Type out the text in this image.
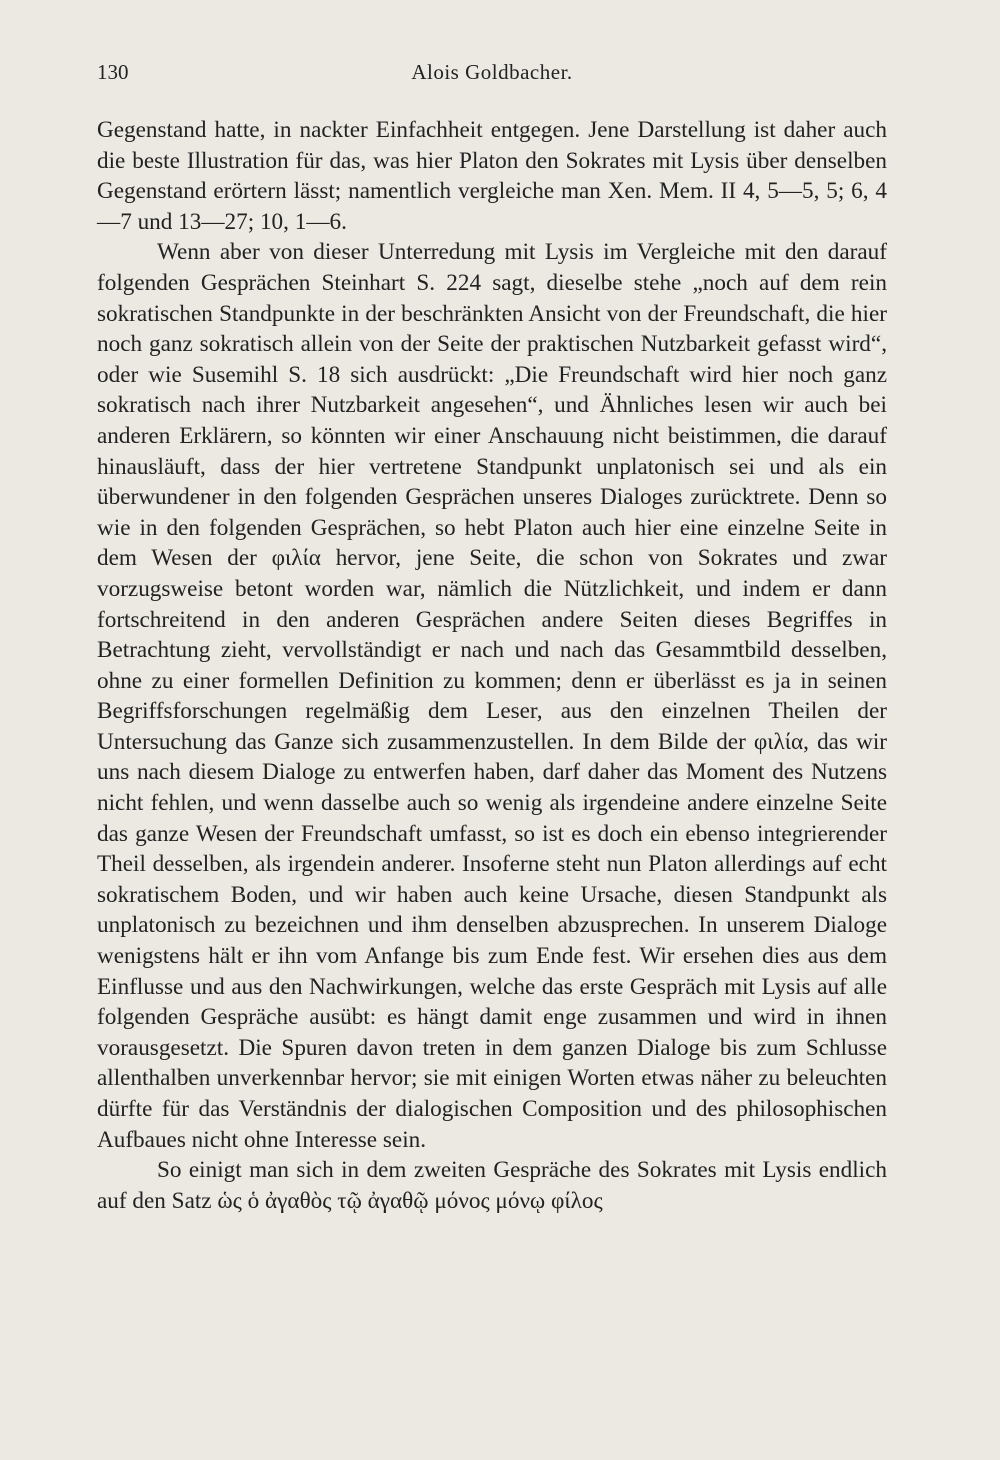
130	Alois Goldbacher.

Gegenstand hatte, in nackter Einfachheit entgegen. Jene Darstellung ist daher auch die beste Illustration für das, was hier Platon den Sokrates mit Lysis über denselben Gegenstand erörtern lässt; namentlich vergleiche man Xen. Mem. II 4, 5—5, 5; 6, 4—7 und 13—27; 10, 1—6.

Wenn aber von dieser Unterredung mit Lysis im Vergleiche mit den darauf folgenden Gesprächen Steinhart S. 224 sagt, dieselbe stehe „noch auf dem rein sokratischen Standpunkte in der beschränkten Ansicht von der Freundschaft, die hier noch ganz sokratisch allein von der Seite der praktischen Nutzbarkeit gefasst wird“, oder wie Susemihl S. 18 sich ausdrückt: „Die Freundschaft wird hier noch ganz sokratisch nach ihrer Nutzbarkeit angesehen“, und Ähnliches lesen wir auch bei anderen Erklärern, so könnten wir einer Anschauung nicht beistimmen, die darauf hinausläuft, dass der hier vertretene Standpunkt unplatonisch sei und als ein überwundener in den folgenden Gesprächen unseres Dialoges zurücktrete. Denn so wie in den folgenden Gesprächen, so hebt Platon auch hier eine einzelne Seite in dem Wesen der φιλία hervor, jene Seite, die schon von Sokrates und zwar vorzugsweise betont worden war, nämlich die Nützlichkeit, und indem er dann fortschreitend in den anderen Gesprächen andere Seiten dieses Begriffes in Betrachtung zieht, vervollständigt er nach und nach das Gesammtbild desselben, ohne zu einer formellen Definition zu kommen; denn er überlässt es ja in seinen Begriffsforschungen regelmäßig dem Leser, aus den einzelnen Theilen der Untersuchung das Ganze sich zusammenzustellen. In dem Bilde der φιλία, das wir uns nach diesem Dialoge zu entwerfen haben, darf daher das Moment des Nutzens nicht fehlen, und wenn dasselbe auch so wenig als irgendeine andere einzelne Seite das ganze Wesen der Freundschaft umfasst, so ist es doch ein ebenso integrierender Theil desselben, als irgendein anderer. Insoferne steht nun Platon allerdings auf echt sokratischem Boden, und wir haben auch keine Ursache, diesen Standpunkt als unplatonisch zu bezeichnen und ihm denselben abzusprechen. In unserem Dialoge wenigstens hält er ihn vom Anfange bis zum Ende fest. Wir ersehen dies aus dem Einflusse und aus den Nachwirkungen, welche das erste Gespräch mit Lysis auf alle folgenden Gespräche ausübt: es hängt damit enge zusammen und wird in ihnen vorausgesetzt. Die Spuren davon treten in dem ganzen Dialoge bis zum Schlusse allenthalben unverkennbar hervor; sie mit einigen Worten etwas näher zu beleuchten dürfte für das Verständnis der dialogischen Composition und des philosophischen Aufbaues nicht ohne Interesse sein.

So einigt man sich in dem zweiten Gespräche des Sokrates mit Lysis endlich auf den Satz ὡς ὁ ἀγαθὸς τῷ ἀγαθῷ μόνος μόνῳ φίλος
